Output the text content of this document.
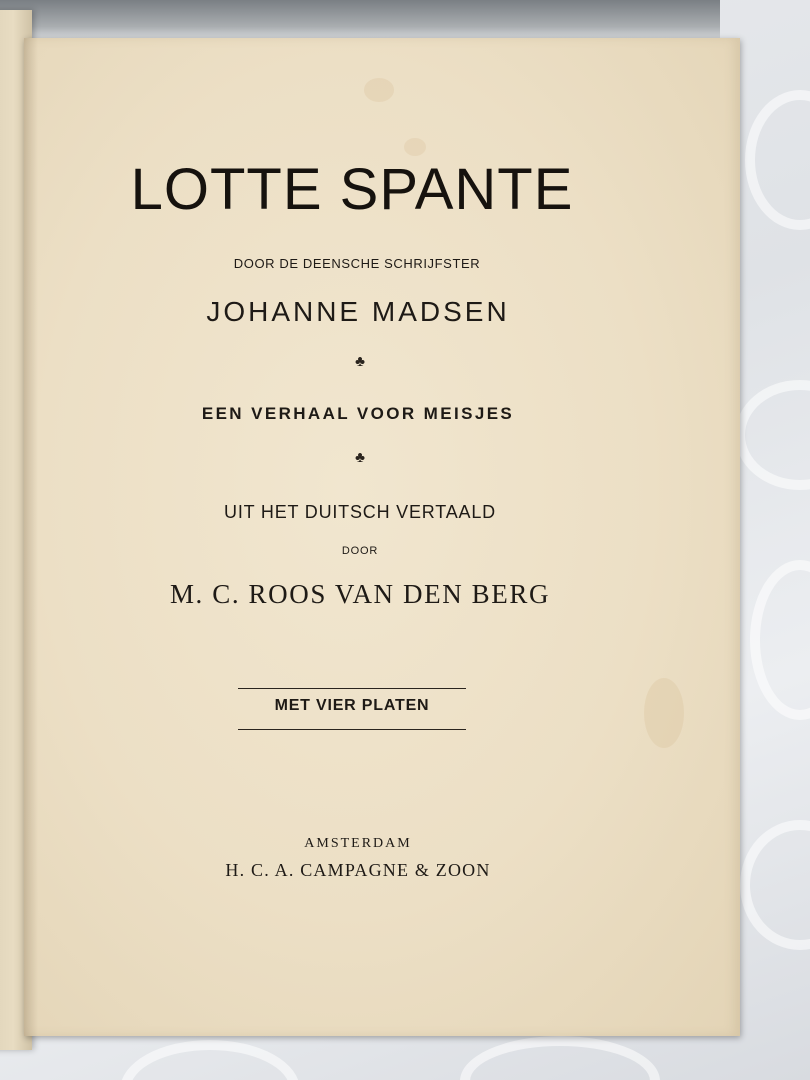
LOTTE SPANTE
DOOR DE DEENSCHE SCHRIJFSTER
JOHANNE MADSEN
♣
EEN VERHAAL VOOR MEISJES
♣
UIT HET DUITSCH VERTAALD
DOOR
M. C. ROOS VAN DEN BERG
MET VIER PLATEN
AMSTERDAM
H. C. A. CAMPAGNE & ZOON
